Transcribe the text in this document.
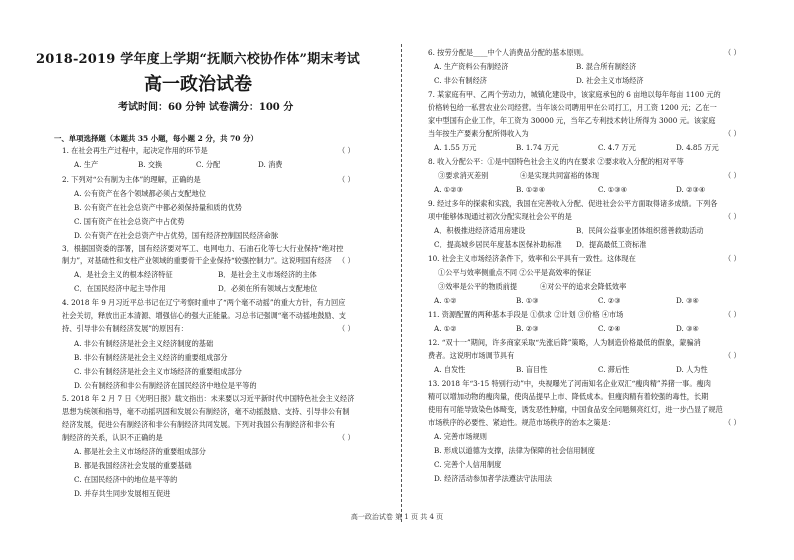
2018-2019 学年度上学期“抚顺六校协作体”期末考试
高一政治试卷
考试时间：60 分钟 试卷满分：100 分
一、单项选择题（本题共 35 小题，每小题 2 分，共 70 分）
1. 在社会再生产过程中，起决定作用的环节是	（ ）
A. 生产	B. 交换	C. 分配	D. 消费
2. 下列对“公有制为主体”的理解，正确的是	（ ）
A. 公有资产在各个领域都必须占支配地位
B. 公有资产在社会总资产中都必须保持量和质的优势
C. 国有资产在社会总资产中占优势
D. 公有资产在社会总资产中占优势，国有经济控制国民经济命脉
3．根据国资委的部署，国有经济要对军工、电网电力、石油石化等七大行业保持“绝对控
制力”，对基础性和支柱产业领域的重要骨干企业保持“较强控制力”。这说明国有经济 （ ）
A．是社会主义的根本经济特征	B．是社会主义市场经济的主体
C．在国民经济中起主导作用	D．必须在所有领域占支配地位
4. 2018 年 9 月习近平总书记在辽宁考察时重申了“两个毫不动摇”的重大方针，有力回应
社会关切，释放出正本清源、增强信心的强大正能量。习总书记强调“毫不动摇地鼓励、支
持、引导非公有制经济发展”的原因有：	（ ）
A. 非公有制经济是社会主义经济制度的基础
B. 非公有制经济是社会主义经济的重要组成部分
C. 非公有制经济是社会主义市场经济的重要组成部分
D. 公有制经济和非公有制经济在国民经济中地位是平等的
5. 2018 年 2 月 7 日《光明日报》载文指出：未来要以习近平新时代中国特色社会主义经济
思想为统领和指导，毫不动摇巩固和发展公有制经济，毫不动摇鼓励、支持、引导非公有制
经济发展，促进公有制经济和非公有制经济共同发展。下列对我国公有制经济和非公有
制经济的关系，认识不正确的是	（ ）
A. 都是社会主义市场经济的重要组成部分
B. 都是我国经济社会发展的重要基础
C. 在国民经济中的地位是平等的
D. 并存共生同步发展相互促进
6. 按劳分配是____中个人消费品分配的基本原则。	（ ）
A. 生产资料公有制经济	B. 混合所有制经济
C. 非公有制经济	D. 社会主义市场经济
7. 某家庭有甲、乙两个劳动力，城镇化建设中，该家庭承包的 6 亩地以每年每亩 1100 元的
价格转包给一私营农业公司经营。当年该公司聘用甲在公司打工，月工资 1200 元；乙在一
家中型国有企业工作，年工资为 30000 元，当年乙专利技术转让所得为 3000 元。该家庭
当年按生产要素分配所得收入为	（ ）
A. 1.55 万元	B. 1.74 万元	C. 4.7 万元	D. 4.85 万元
8. 收入分配公平：①是中国特色社会主义的内在要求 ②要求收入分配的相对平等
③要求消灭差别	④是实现共同富裕的体现	（ ）
A. ①②③	B. ①②④	C. ①③④	D. ②③④
9. 经过多年的探索和实践，我国在完善收入分配、促进社会公平方面取得诸多成绩。下列各
项中能够体现通过初次分配实现社会公平的是	（ ）
A．积极推进经济适用房建设	B．民间公益事业团体组织慈善救助活动
C．提高城乡居民年度基本医保补助标准 D．提高最低工资标准
10. 社会主义市场经济条件下，效率和公平具有一致性。这体现在	（ ）
①公平与效率侧重点不同 ②公平是高效率的保证
③效率是公平的物质前提	④对公平的追求会降低效率
A. ①②	B. ①③	C. ②③	D. ③④
11. 资源配置的两种基本手段是 ①供求 ②计划 ③价格 ④市场	（ ）
A. ①②	B. ②③	C. ②④	D. ③④
12. “双十一”期间，许多商家采取“先涨后降”策略，人为制造价格最低的假象，蒙骗消
费者。这说明市场调节具有	（ ）
A. 自发性	B. 盲目性	C. 滞后性	D. 人为性
13. 2018 年“3·15 特别行动”中，央视曝光了河南知名企业双汇“瘦肉精”养猪一事。瘦肉
精可以增加动物的瘦肉量，使肉品提早上市、降低成本。但瘦肉精有着较强的毒性，长期
使用有可能导致染色体畸变，诱发恶性肿瘤，中国食品安全问题频亮红灯，进一步凸显了规范
市场秩序的必要性、紧迫性。规范市场秩序的治本之策是：	（ ）
A. 完善市场规则
B. 形成以道德为支撑，法律为保障的社会信用制度
C. 完善个人信用制度
D. 经济活动参加者学法遵法守法用法
高一政治试卷 第 1 页 共 4 页
